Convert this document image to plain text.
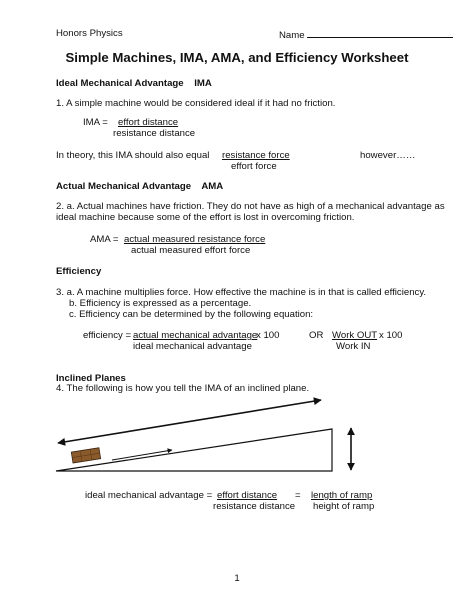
Honors Physics	Name
Simple Machines, IMA, AMA, and Efficiency Worksheet
Ideal Mechanical Advantage    IMA
1. A simple machine would be considered ideal if it had no friction.
IMA = effort distance
resistance distance
In theory, this IMA should also equal resistance force
effort force
however……
Actual Mechanical Advantage    AMA
2. a. Actual machines have friction. They do not have as high of a mechanical advantage as
ideal machine because some of the effort is lost in overcoming friction.
AMA = actual measured resistance force
actual measured effort force
Efficiency
3. a. A machine multiplies force. How effective the machine is in that is called efficiency.
b. Efficiency is expressed as a percentage.
c. Efficiency can be determined by the following equation:
efficiency = actual mechanical advantage
x 100
ideal mechanical advantage
OR Work OUT x 100
Work IN
Inclined Planes
4. The following is how you tell the IMA of an inclined plane.
ideal mechanical advantage = effort distance
resistance distance
= length of ramp
height of ramp
1
